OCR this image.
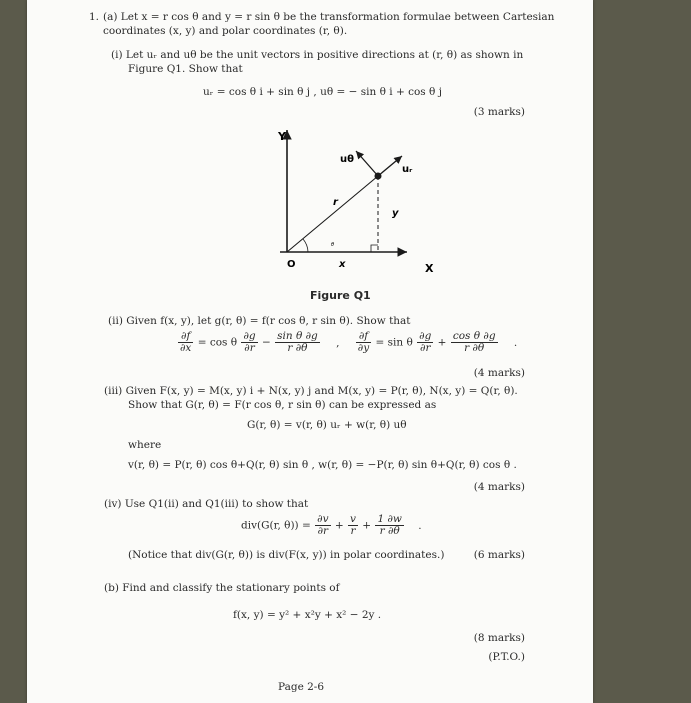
1. (a) Let x = r cos θ and y = r sin θ be the transformation formulae between Cartesian
coordinates (x, y) and polar coordinates (r, θ).
(i) Let uᵣ and uθ be the unit vectors in positive directions at (r, θ) as shown in
Figure Q1. Show that
uᵣ = cos θ i + sin θ j , uθ = − sin θ i + cos θ j
(3 marks)
Y
X
O	x
y
r
θ
uᵣ
uθ
Figure Q1
(ii) Given f(x, y), let g(r, θ) = f(r cos θ, r sin θ). Show that
$\frac{\partial f}{\partial x} = \cos \theta \frac{\partial g}{\partial r} - \frac{\text{sin θ ∂g}}{r \partial\theta}$ , $\frac{\partial f}{\partial y} = \sin \theta \frac{\partial g}{\partial r} + \frac{\text{cos θ ∂g}}{r \partial\theta}$ .
(4 marks)
(iii) Given F(x, y) = M(x, y) i + N(x, y) j and M(x, y) = P(r, θ), N(x, y) = Q(r, θ).
Show that G(r, θ) = F(r cos θ, r sin θ) can be expressed as
G(r, θ) = v(r, θ) uᵣ + w(r, θ) uθ
where
v(r, θ) = P(r, θ) cos θ+Q(r, θ) sin θ , w(r, θ) = −P(r, θ) sin θ+Q(r, θ) cos θ .
(4 marks)
(iv) Use Q1(ii) and Q1(iii) to show that
div(G(r, $\theta)) = \frac{\partial v}{\partial r} + \frac{v}{r} + \frac{1 \partial w}{r \partial\theta}$ .
(Notice that div(G(r, θ)) is div(F(x, y)) in polar coordinates.)	(6 marks)
(b) Find and classify the stationary points of
f(x, y) = y² + x²y + x² − 2y .
(8 marks)
(P.T.O.)
Page 2-6
